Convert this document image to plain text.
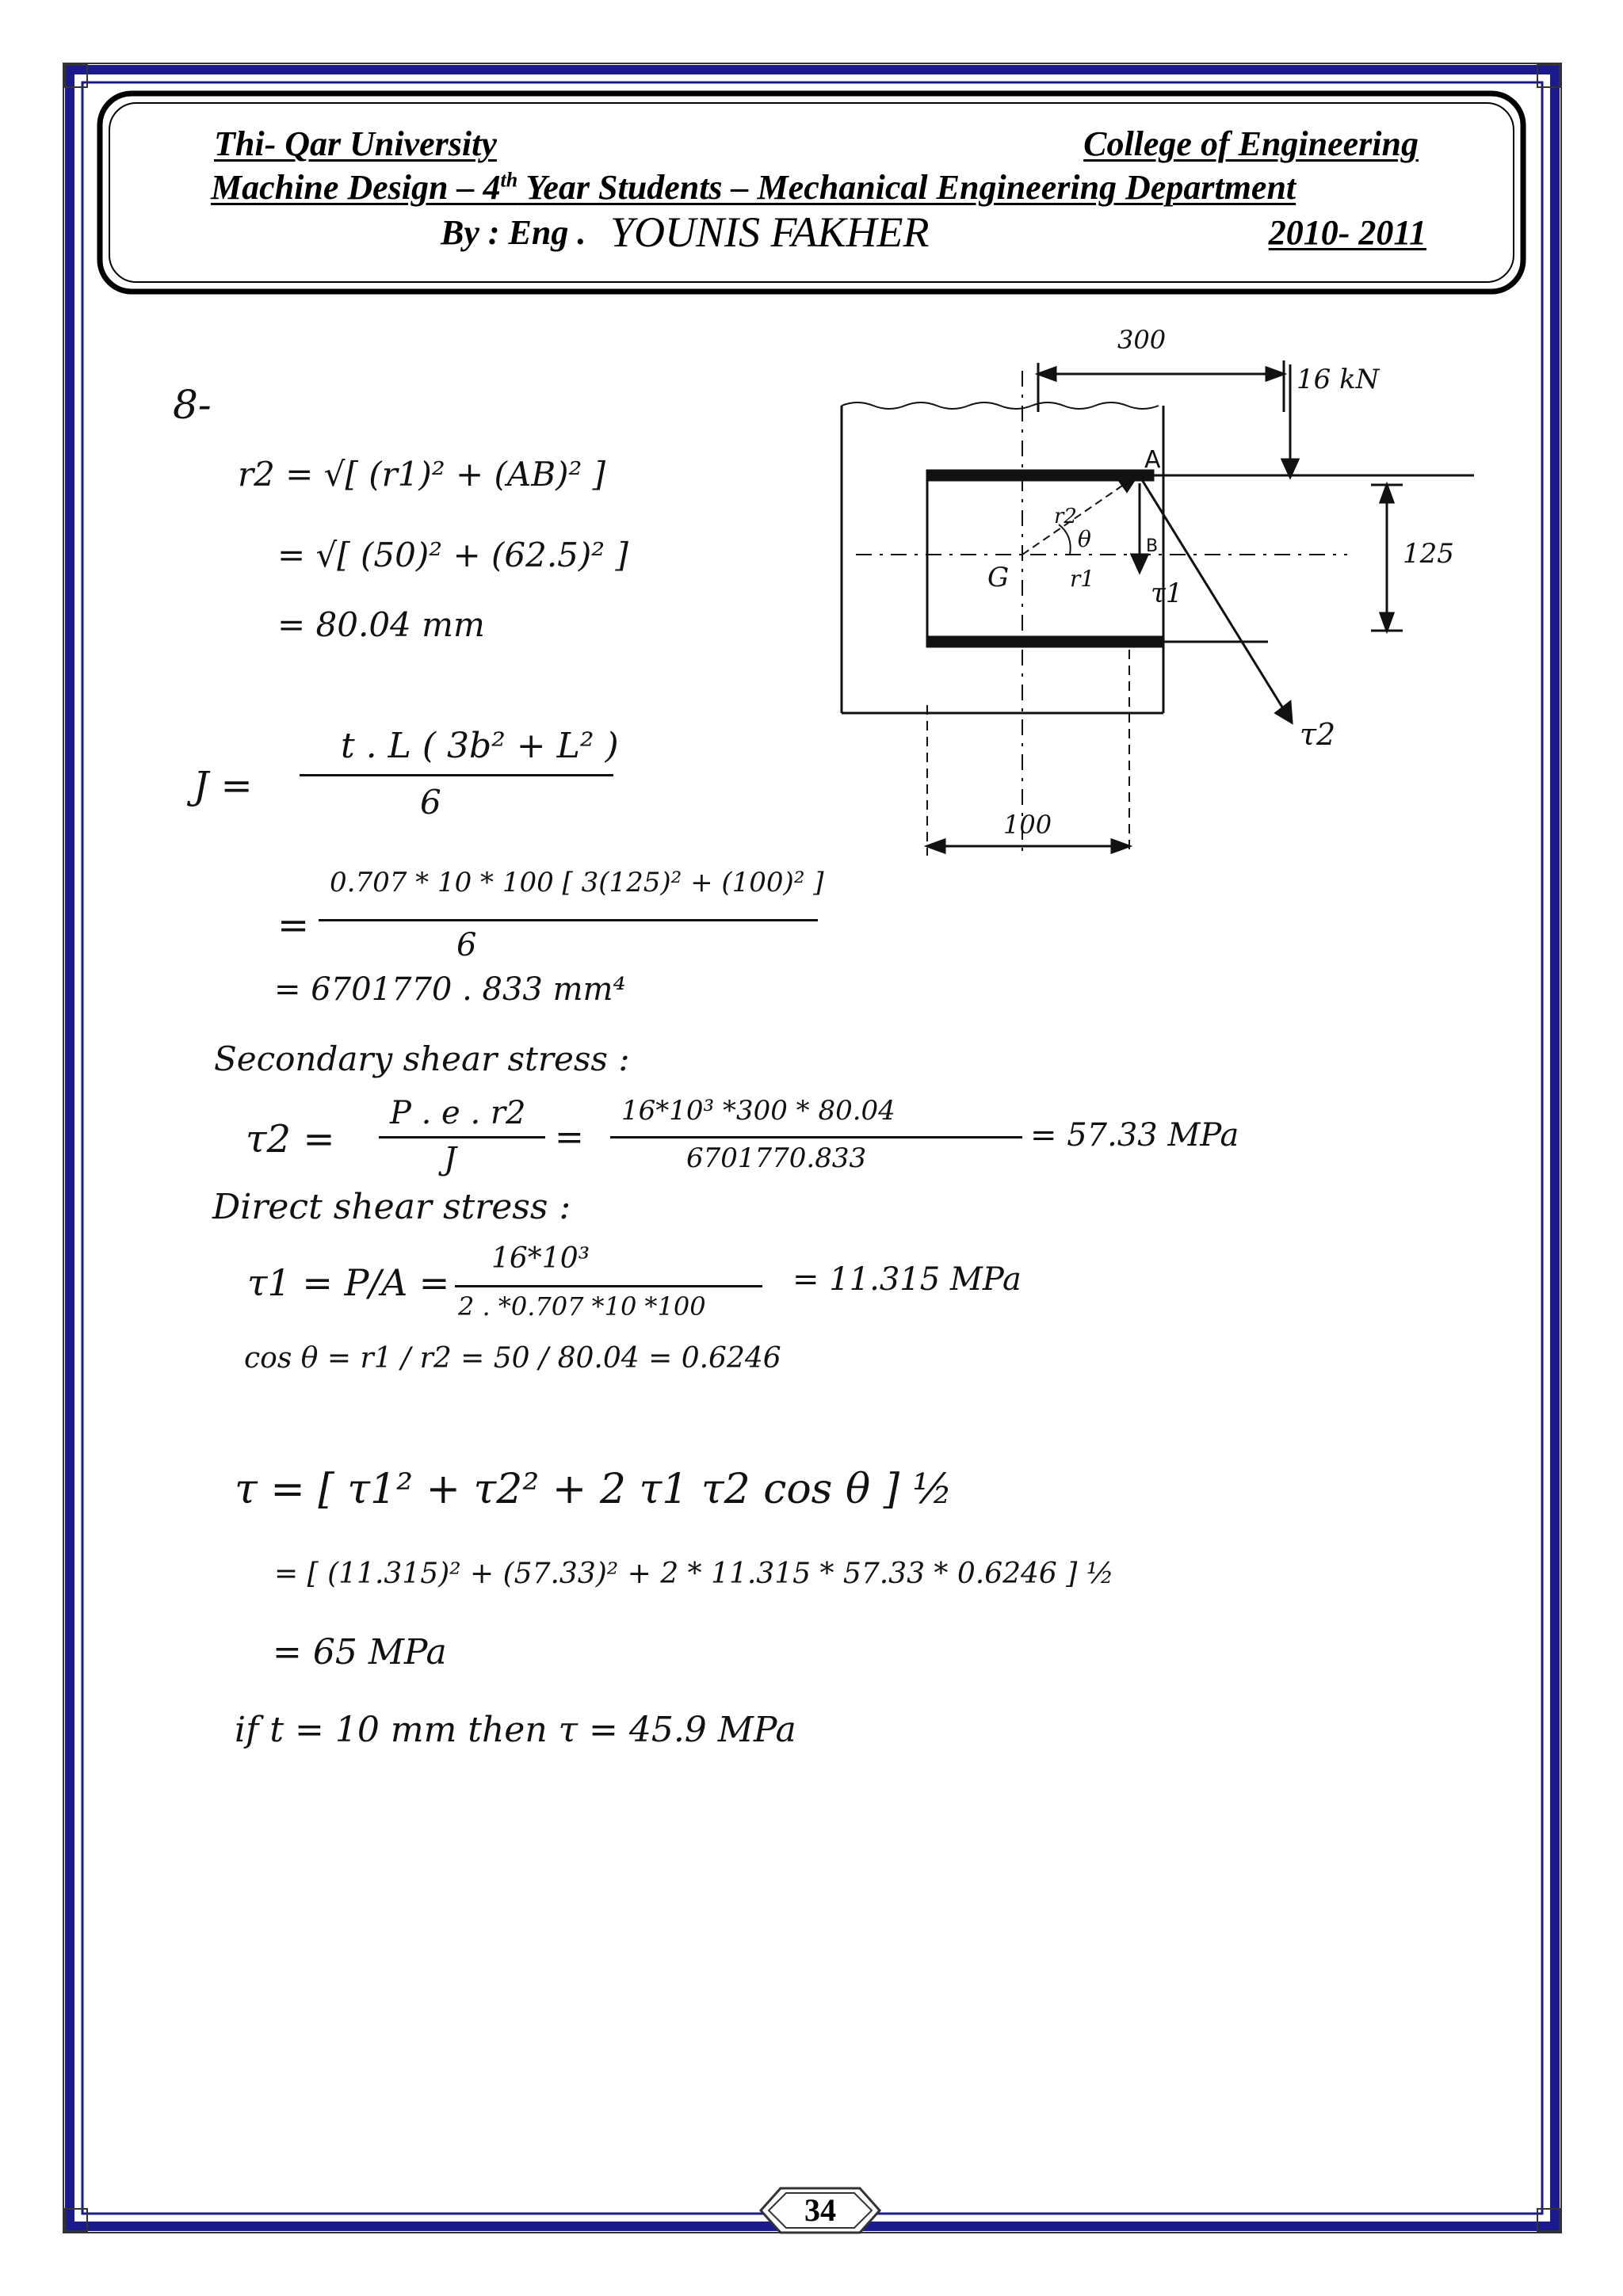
Thi- Qar University	College of Engineering
Machine Design – 4th Year Students – Mechanical Engineering Department
By : Eng . YOUNIS FAKHER	2010- 2011
8-
r2 = √[ (r1)² + (AB)² ]
= √[ (50)² + (62.5)² ]
= 80.04 mm
J =
t . L ( 3b² + L² )
6
=
0.707 * 10 * 100 [ 3(125)² + (100)² ]
6
= 6701770 . 833 mm⁴
Secondary shear stress :
τ2 =
P . e . r2
J
=
16*10³ *300 * 80.04
6701770.833
= 57.33 MPa
Direct shear stress :
τ1 = P/A =
16*10³
2 . *0.707 *10 *100
= 11.315 MPa
cos θ = r1 / r2 = 50 / 80.04 = 0.6246
τ = [ τ1² + τ2² + 2 τ1 τ2 cos θ ] ½
= [ (11.315)² + (57.33)² + 2 * 11.315 * 57.33 * 0.6246 ] ½
= 65 MPa
if t = 10 mm then τ = 45.9 MPa
300
16 kN
125
100
A
B
G	r1
r2
θ
τ1
τ2
34
